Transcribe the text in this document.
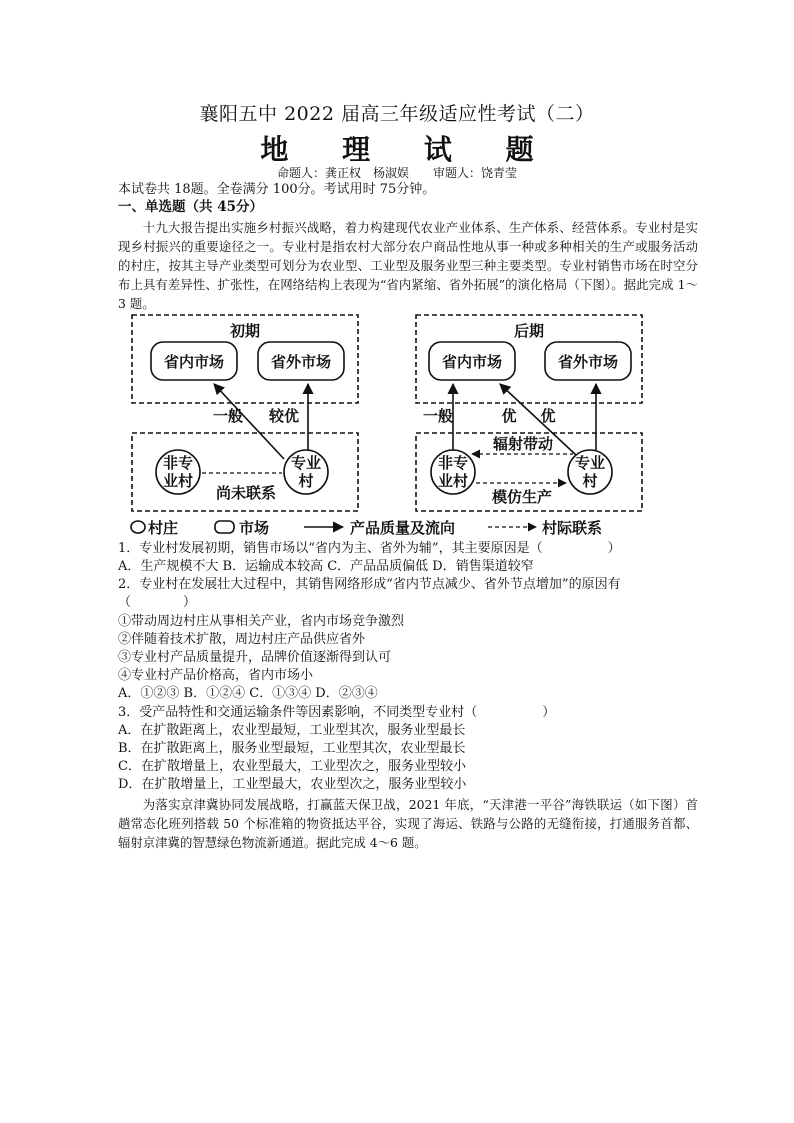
襄阳五中 2022 届高三年级适应性考试（二）
地 理 试 题
命题人：龚正权　杨淑娱　　审题人：饶青莹
本试卷共 18题。全卷满分 100分。考试用时 75分钟。
一、单选题（共 45分）
十九大报告提出实施乡村振兴战略，着力构建现代农业产业体系、生产体系、经营体系。专业村是实现乡村振兴的重要途径之一。专业村是指农村大部分农户商品性地从事一种或多种相关的生产或服务活动的村庄，按其主导产业类型可划分为农业型、工业型及服务业型三种主要类型。专业村销售市场在时空分布上具有差异性、扩张性，在网络结构上表现为“省内紧缩、省外拓展”的演化格局（下图）。据此完成 1～3 题。
初期
省内市场	省外市场
一般 较优
非专
业村
专业
村
尚未联系
后期
省内市场	省外市场
一般	优 优
辐射带动
非专
业村
专业
村
模仿生产
村庄	市场	产品质量及流向	村际联系
1．专业村发展初期，销售市场以“省内为主、省外为辅”，其主要原因是（　　　　　）
A．生产规模不大 B．运输成本较高 C．产品品质偏低 D．销售渠道较窄
2．专业村在发展壮大过程中，其销售网络形成“省内节点减少、省外节点增加”的原因有
（　　　　）
①带动周边村庄从事相关产业，省内市场竞争激烈
②伴随着技术扩散，周边村庄产品供应省外
③专业村产品质量提升，品牌价值逐渐得到认可
④专业村产品价格高，省内市场小
A．①②③ B．①②④ C．①③④ D．②③④
3．受产品特性和交通运输条件等因素影响，不同类型专业村（　　　　　）
A．在扩散距离上，农业型最短，工业型其次，服务业型最长
B．在扩散距离上，服务业型最短，工业型其次，农业型最长
C．在扩散增量上，农业型最大，工业型次之，服务业型较小
D．在扩散增量上，工业型最大，农业型次之，服务业型较小
为落实京津冀协同发展战略，打赢蓝天保卫战，2021 年底，“天津港一平谷”海铁联运（如下图）首趟常态化班列搭载 50 个标准箱的物资抵达平谷，实现了海运、铁路与公路的无缝衔接，打通服务首都、辐射京津冀的智慧绿色物流新通道。据此完成 4～6 题。
